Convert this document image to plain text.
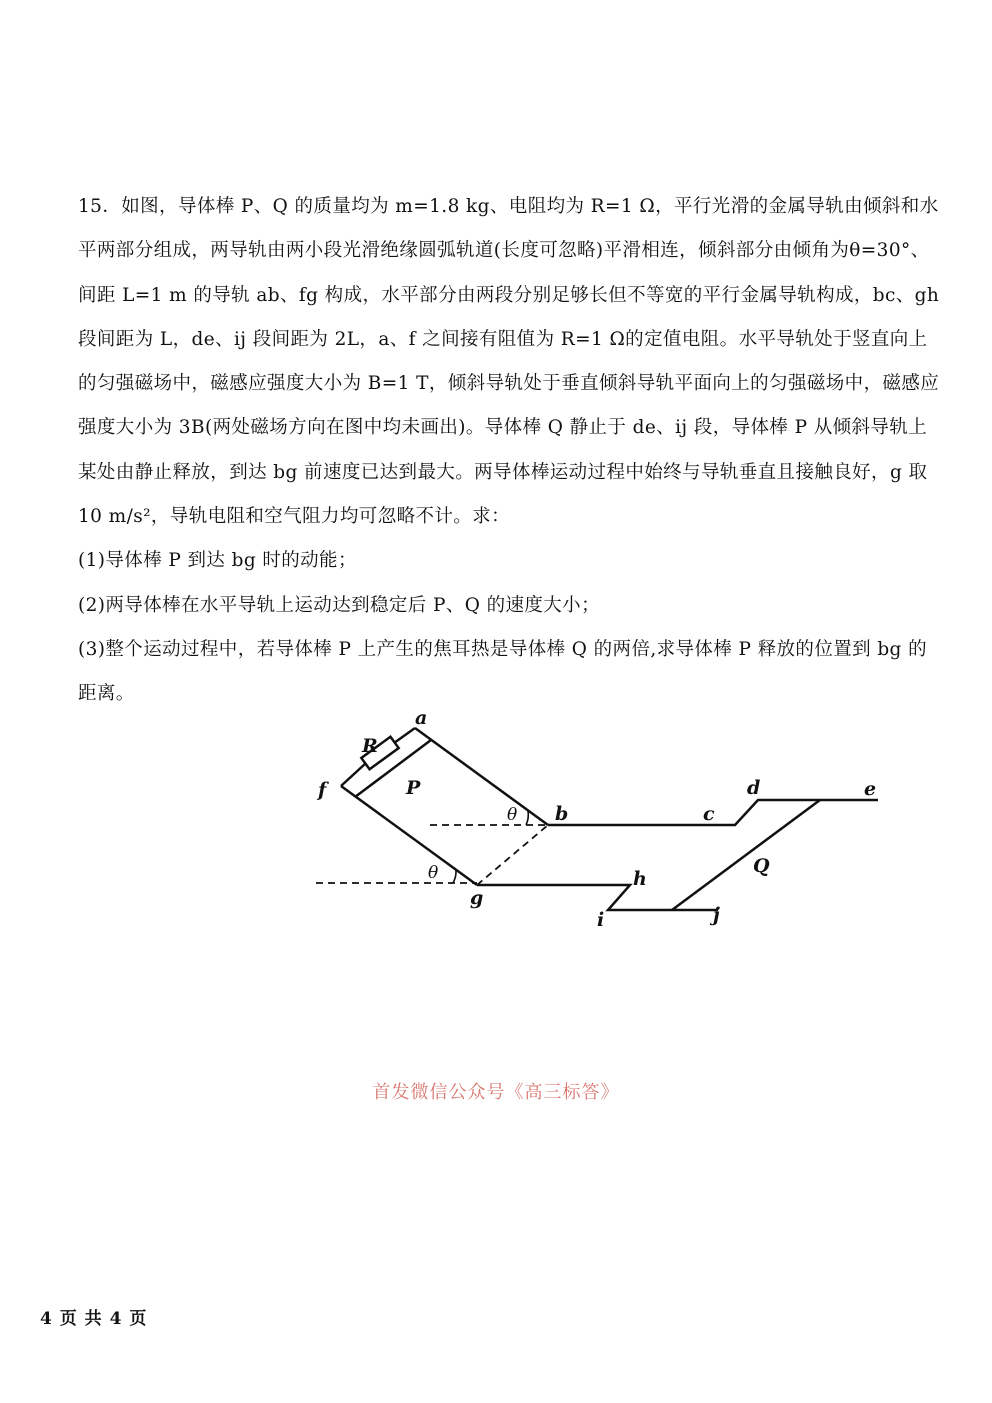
15．如图，导体棒 P、Q 的质量均为 m=1.8 kg、电阻均为 R=1 Ω，平行光滑的金属导轨由倾斜和水平两部分组成，两导轨由两小段光滑绝缘圆弧轨道(长度可忽略)平滑相连，倾斜部分由倾角为θ=30°、间距 L=1 m 的导轨 ab、fg 构成，水平部分由两段分别足够长但不等宽的平行金属导轨构成，bc、gh 段间距为 L，de、ij 段间距为 2L，a、f 之间接有阻值为 R=1 Ω的定值电阻。水平导轨处于竖直向上的匀强磁场中，磁感应强度大小为 B=1 T，倾斜导轨处于垂直倾斜导轨平面向上的匀强磁场中，磁感应强度大小为 3B(两处磁场方向在图中均未画出)。导体棒 Q 静止于 de、ij 段，导体棒 P 从倾斜导轨上某处由静止释放，到达 bg 前速度已达到最大。两导体棒运动过程中始终与导轨垂直且接触良好，g 取 10 m/s²，导轨电阻和空气阻力均可忽略不计。求：

(1)导体棒 P 到达 bg 时的动能；

(2)两导体棒在水平导轨上运动达到稳定后 P、Q 的速度大小；

(3)整个运动过程中，若导体棒 P 上产生的焦耳热是导体棒 Q 的两倍,求导体棒 P 释放的位置到 bg 的距离。

a
R
f	P
θ b	c
d	e
Q
θ	h
g
i	j
首发微信公众号《高三标答》
4 页 共 4 页
